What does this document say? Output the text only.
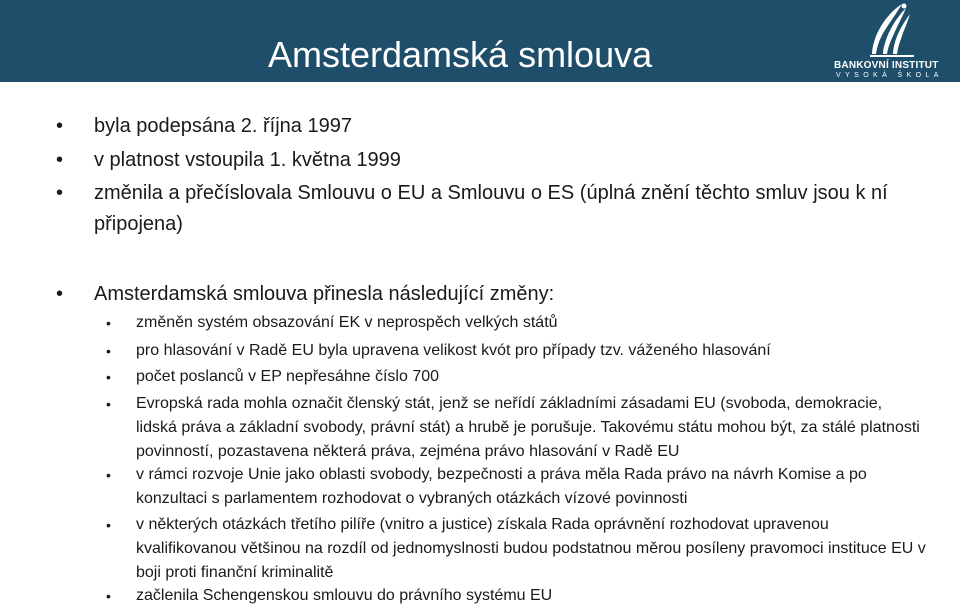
Amsterdamská smlouva	BANKOVNÍ INSTITUT
VYSOKÁ ŠKOLA
• byla podepsána 2. října 1997
• v platnost vstoupila 1. května 1999
• změnila a přečíslovala Smlouvu o EU a Smlouvu o ES (úplná znění těchto smluv jsou k ní připojena)
• Amsterdamská smlouva přinesla následující změny:
• změněn systém obsazování EK v neprospěch velkých států
• pro hlasování v Radě EU byla upravena velikost kvót pro případy tzv. váženého hlasování
• počet poslanců v EP nepřesáhne číslo 700
• Evropská rada mohla označit členský stát, jenž se neřídí základními zásadami EU (svoboda, demokracie, lidská práva a základní svobody, právní stát) a hrubě je porušuje. Takovému státu mohou být, za stálé platnosti povinností, pozastavena některá práva, zejména právo hlasování v Radě EU
• v rámci rozvoje Unie jako oblasti svobody, bezpečnosti a práva měla Rada právo na návrh Komise a po konzultaci s parlamentem rozhodovat o vybraných otázkách vízové povinnosti
• v některých otázkách třetího pilíře (vnitro a justice) získala Rada oprávnění rozhodovat upravenou kvalifikovanou většinou na rozdíl od jednomyslnosti budou podstatnou měrou posíleny pravomoci instituce EU v boji proti finanční kriminalitě
• začlenila Schengenskou smlouvu do právního systému EU
